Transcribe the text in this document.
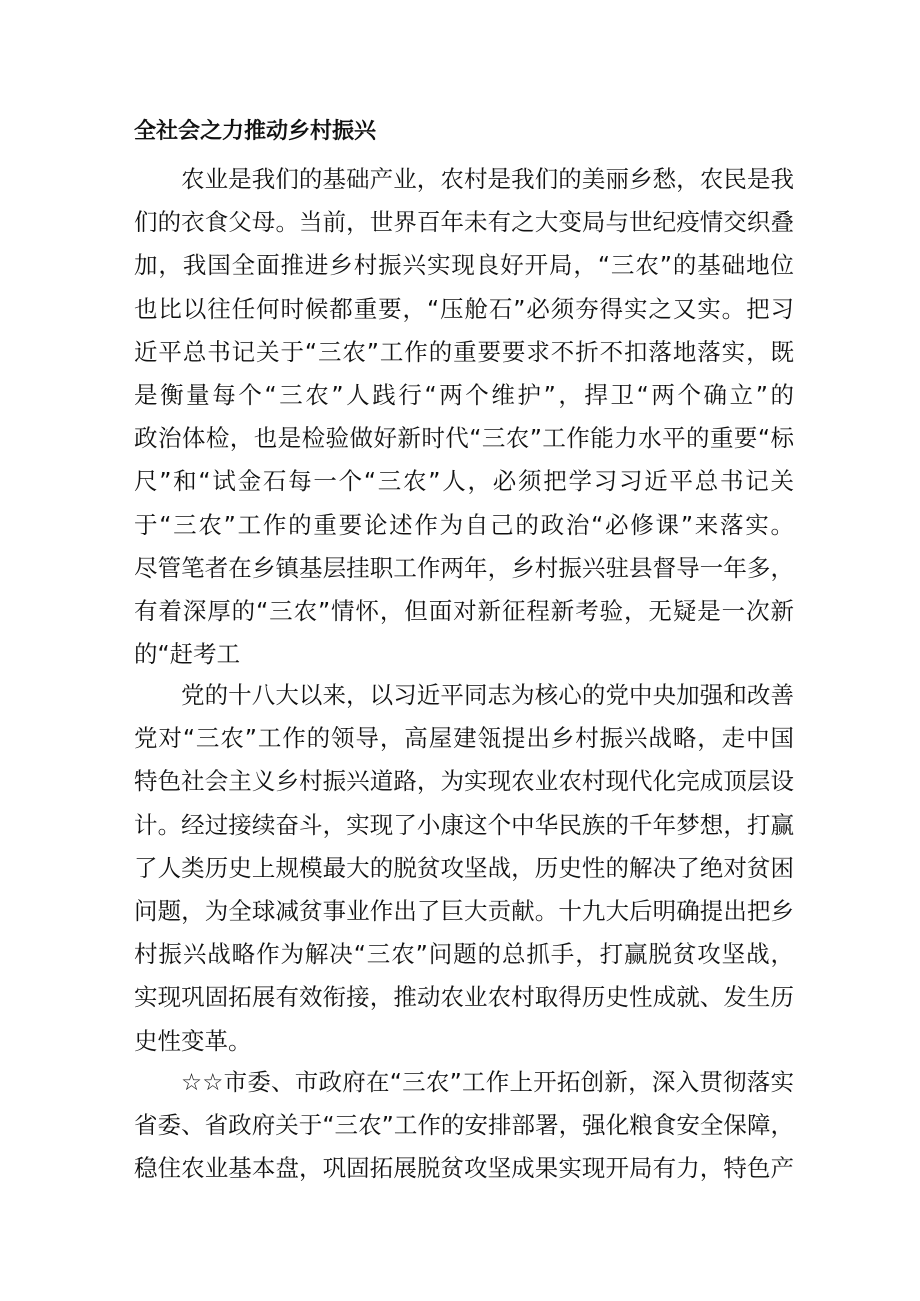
全社会之力推动乡村振兴
农业是我们的基础产业，农村是我们的美丽乡愁，农民是我
们的衣食父母。当前，世界百年未有之大变局与世纪疫情交织叠
加，我国全面推进乡村振兴实现良好开局，“三农”的基础地位
也比以往任何时候都重要，“压舱石”必须夯得实之又实。把习
近平总书记关于“三农”工作的重要要求不折不扣落地落实，既
是衡量每个“三农”人践行“两个维护”，捍卫“两个确立”的
政治体检，也是检验做好新时代“三农”工作能力水平的重要“标
尺”和“试金石每一个“三农”人，必须把学习习近平总书记关
于“三农”工作的重要论述作为自己的政治“必修课”来落实。
尽管笔者在乡镇基层挂职工作两年，乡村振兴驻县督导一年多，
有着深厚的“三农”情怀，但面对新征程新考验，无疑是一次新
的“赶考工
党的十八大以来，以习近平同志为核心的党中央加强和改善
党对“三农”工作的领导，高屋建瓴提出乡村振兴战略，走中国
特色社会主义乡村振兴道路，为实现农业农村现代化完成顶层设
计。经过接续奋斗，实现了小康这个中华民族的千年梦想，打赢
了人类历史上规模最大的脱贫攻坚战，历史性的解决了绝对贫困
问题，为全球减贫事业作出了巨大贡献。十九大后明确提出把乡
村振兴战略作为解决“三农”问题的总抓手，打赢脱贫攻坚战，
实现巩固拓展有效衔接，推动农业农村取得历史性成就、发生历
史性变革。
☆☆市委、市政府在“三农”工作上开拓创新，深入贯彻落实
省委、省政府关于“三农”工作的安排部署，强化粮食安全保障，
稳住农业基本盘，巩固拓展脱贫攻坚成果实现开局有力，特色产
